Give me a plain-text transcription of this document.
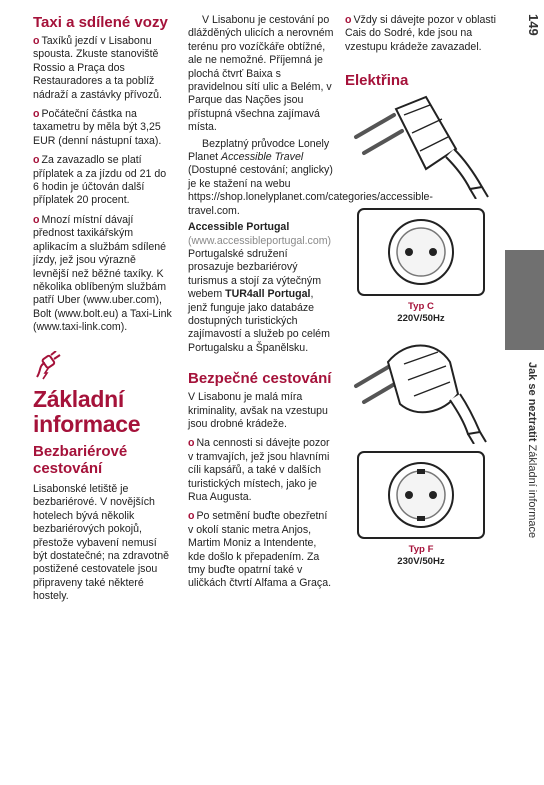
Taxi a sdílené vozy

o Taxíků jezdí v Lisabonu spousta. Zkuste stanoviště Rossio a Praça dos Restauradores a ta poblíž nádraží a zastávky přívozů.

o Počáteční částka na taxametru by měla být 3,25 EUR (denní nástupní taxa).

o Za zavazadlo se platí příplatek a za jízdu od 21 do 6 hodin je účtován další příplatek 20 procent.

o Mnozí místní dávají přednost taxikářským aplikacím a službám sdílené jízdy, jež jsou výrazně levnější než běžné taxíky. K několika oblíbeným službám patří Uber (www.uber.com), Bolt (www.bolt.eu) a Taxi-Link (www.taxi-link.com).

Základní informace
Bezbariérové cestování

Lisabonské letiště je bezbariérové. V novějších hotelech bývá několik bezbariérových pokojů, přestože vybavení nemusí být dostatečné; na zdravotně postižené cestovatele jsou připraveny také některé hostely.

V Lisabonu je cestování po dlážděných ulicích a nerovném terénu pro vozíčkáře obtížné, ale ne nemožné. Příjemná je plochá čtvrť Baixa s pravidelnou sítí ulic a Belém, v Parque das Nações jsou přístupná všechna zajímavá místa.

Bezplatný průvodce Lonely Planet Accessible Travel (Dostupné cestování; anglicky) je ke stažení na webu https://shop.lonelyplanet.com/categories/accessible-travel.com.

Accessible Portugal (www.accessibleportugal.com) Portugalské sdružení prosazuje bezbariérový turismus a stojí za výtečným webem TUR4all Portugal, jenž funguje jako databáze dostupných turistických zajímavostí a služeb po celém Portugalsku a Španělsku.

Bezpečné cestování

V Lisabonu je malá míra kriminality, avšak na vzestupu jsou drobné krádeže.

o Na cennosti si dávejte pozor v tramvajích, jež jsou hlavními cíli kapsářů, a také v dalších turistických místech, jako je Rua Augusta.

o Po setmění buďte obezřetní v okolí stanic metra Anjos, Martim Moniz a Intendente, kde došlo k přepadením. Za tmy buďte opatrní také v uličkách čtvrtí Alfama a Graça.

o Vždy si dávejte pozor v oblasti Cais do Sodré, kde jsou na vzestupu krádeže zavazadel.

Elektřina
Typ C
220V/50Hz
Typ F
230V/50Hz
149
Jak se neztratit Základní informace
